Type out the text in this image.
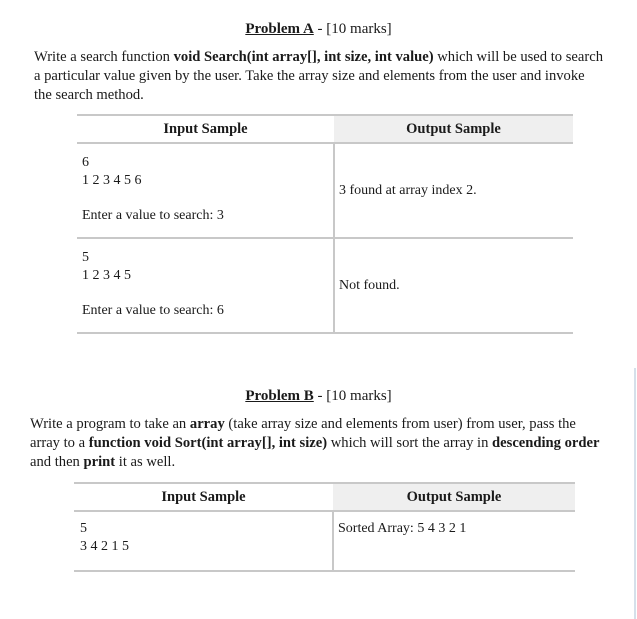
Problem A - [10 marks]
Write a search function void Search(int array[], int size, int value) which will be used to search a particular value given by the user. Take the array size and elements from the user and invoke the search method.
Input Sample	Output Sample

6
1 2 3 4 5 6
Enter a value to search: 3	3 found at array index 2.

5
1 2 3 4 5
Enter a value to search: 6	Not found.
Problem B - [10 marks]
Write a program to take an array (take array size and elements from user) from user, pass the array to a function void Sort(int array[], int size) which will sort the array in descending order and then print it as well.
Input Sample	Output Sample

5
3 4 2 1 5	Sorted Array: 5 4 3 2 1
